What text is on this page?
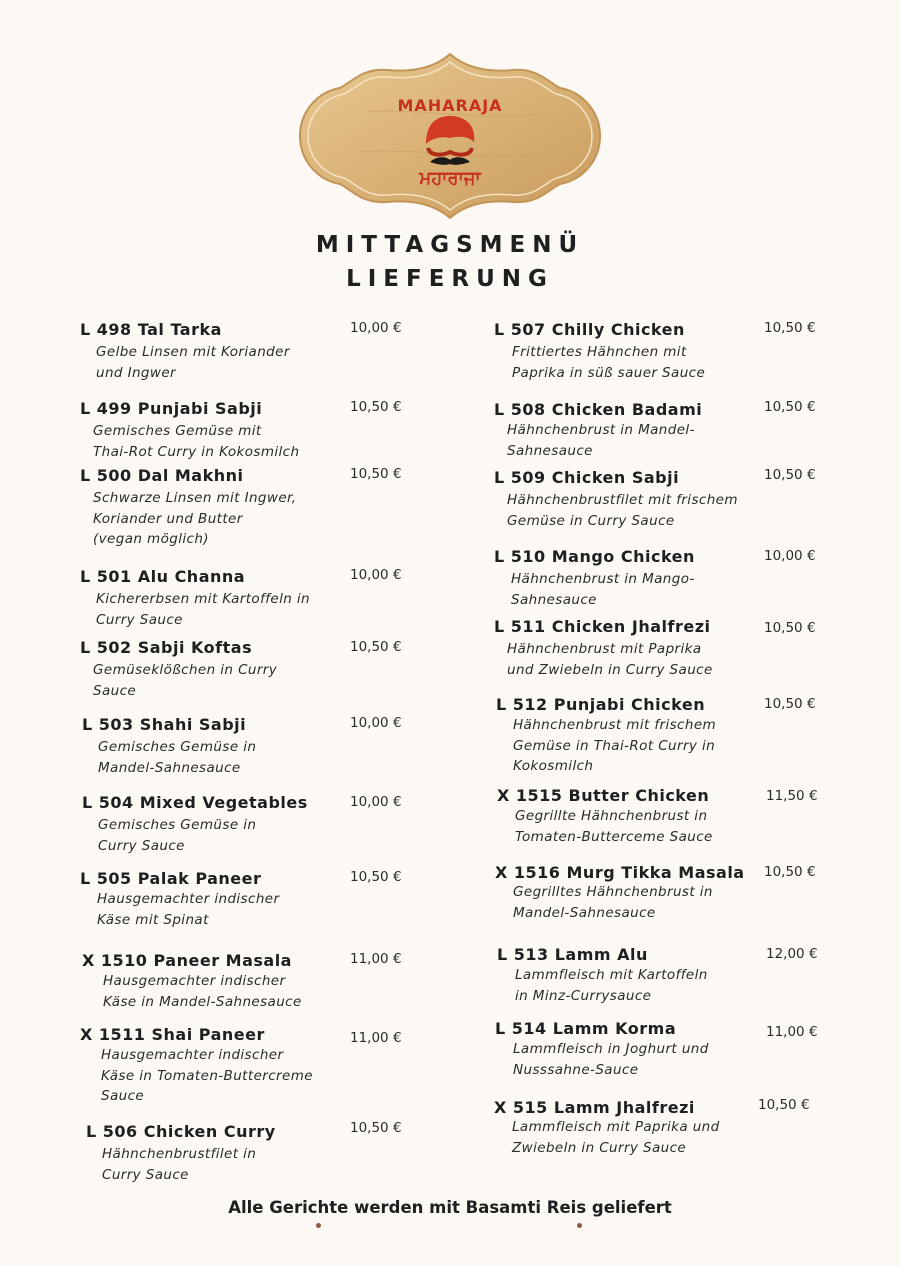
MAHARAJA
ਮਹਾਰਾਜਾ
MITTAGSMENÜ
LIEFERUNG
L 498 Tal Tarka
Gelbe Linsen mit Koriander
und Ingwer
10,00 €
L 499 Punjabi Sabji
Gemisches Gemüse mit
Thai-Rot Curry in Kokosmilch
10,50 €
L 500 Dal Makhni
Schwarze Linsen mit Ingwer,
Koriander und Butter
(vegan möglich)
10,50 €
L 501 Alu Channa
Kichererbsen mit Kartoffeln in
Curry Sauce
10,00 €
L 502 Sabji Koftas
Gemüseklößchen in Curry
Sauce
10,50 €
L 503 Shahi Sabji
Gemisches Gemüse in
Mandel-Sahnesauce
10,00 €
L 504 Mixed Vegetables
Gemisches Gemüse in
Curry Sauce
10,00 €
L 505 Palak Paneer
Hausgemachter indischer
Käse mit Spinat
10,50 €
X 1510 Paneer Masala
Hausgemachter indischer
Käse in Mandel-Sahnesauce
11,00 €
X 1511 Shai Paneer
Hausgemachter indischer
Käse in Tomaten-Buttercreme
Sauce
11,00 €
L 506 Chicken Curry
Hähnchenbrustfilet in
Curry Sauce
10,50 €
L 507 Chilly Chicken
Frittiertes Hähnchen mit
Paprika in süß sauer Sauce
10,50 €
L 508 Chicken Badami
Hähnchenbrust in Mandel-
Sahnesauce
10,50 €
L 509 Chicken Sabji
Hähnchenbrustfilet mit frischem
Gemüse in Curry Sauce
10,50 €
L 510 Mango Chicken
Hähnchenbrust in Mango-
Sahnesauce
10,00 €
L 511 Chicken Jhalfrezi
Hähnchenbrust mit Paprika
und Zwiebeln in Curry Sauce
10,50 €
L 512 Punjabi Chicken
Hähnchenbrust mit frischem
Gemüse in Thai-Rot Curry in
Kokosmilch
10,50 €
X 1515 Butter Chicken
Gegrillte Hähnchenbrust in
Tomaten-Butterceme Sauce
11,50 €
X 1516 Murg Tikka Masala
Gegrilltes Hähnchenbrust in
Mandel-Sahnesauce
10,50 €
L 513 Lamm Alu
Lammfleisch mit Kartoffeln
in Minz-Currysauce
12,00 €
L 514 Lamm Korma
Lammfleisch in Joghurt und
Nusssahne-Sauce
11,00 €
X 515 Lamm Jhalfrezi
Lammfleisch mit Paprika und
Zwiebeln in Curry Sauce
10,50 €
Alle Gerichte werden mit Basamti Reis geliefert
